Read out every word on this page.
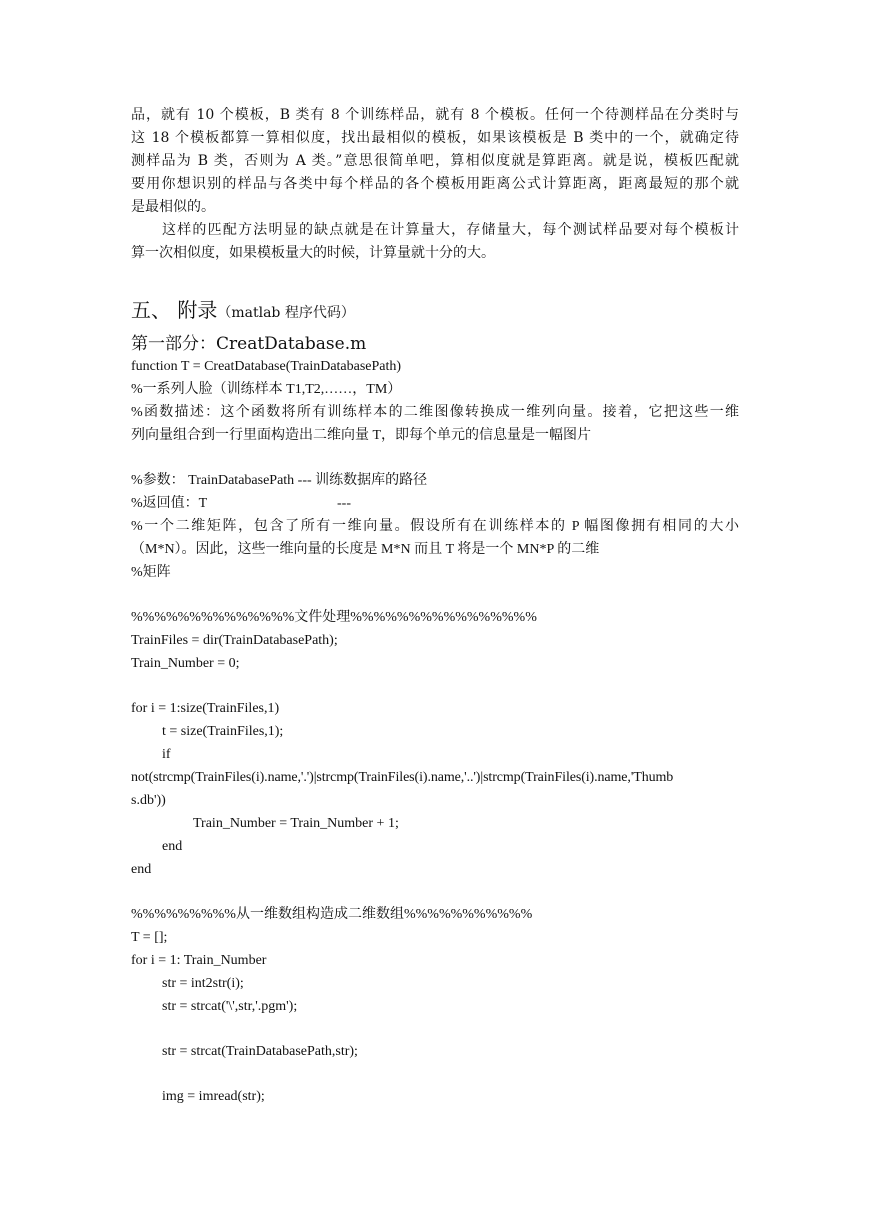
品，就有 10 个模板，B 类有 8 个训练样品，就有 8 个模板。任何一个待测样品在分类时与
这 18 个模板都算一算相似度，找出最相似的模板，如果该模板是 B 类中的一个，就确定待
测样品为 B 类，否则为 A 类。”意思很简单吧，算相似度就是算距离。就是说，模板匹配就
要用你想识别的样品与各类中每个样品的各个模板用距离公式计算距离，距离最短的那个就
是最相似的。
这样的匹配方法明显的缺点就是在计算量大，存储量大，每个测试样品要对每个模板计
算一次相似度，如果模板量大的时候，计算量就十分的大。
五、 附录（matlab 程序代码）
第一部分：CreatDatabase.m
function T = CreatDatabase(TrainDatabasePath)
%一系列人脸（训练样本 T1,T2,……，TM）
%函数描述：这个函数将所有训练样本的二维图像转换成一维列向量。接着，它把这些一维
列向量组合到一行里面构造出二维向量 T，即每个单元的信息量是一幅图片
%参数： TrainDatabasePath --- 训练数据库的路径
%返回值：T	---
%一个二维矩阵，包含了所有一维向量。假设所有在训练样本的 P 幅图像拥有相同的大小
（M*N）。因此，这些一维向量的长度是 M*N 而且 T 将是一个 MN*P 的二维
%矩阵
%%%%%%%%%%%%%%文件处理%%%%%%%%%%%%%%%%
TrainFiles = dir(TrainDatabasePath);
Train_Number = 0;
for i = 1:size(TrainFiles,1)
t = size(TrainFiles,1);
if
not(strcmp(TrainFiles(i).name,'.')|strcmp(TrainFiles(i).name,'..')|strcmp(TrainFiles(i).name,'Thumb
s.db'))
Train_Number = Train_Number + 1;
end
end
%%%%%%%%%从一维数组构造成二维数组%%%%%%%%%%%
T = [];
for i = 1: Train_Number
str = int2str(i);
str = strcat('\',str,'.pgm');
str = strcat(TrainDatabasePath,str);
img = imread(str);
